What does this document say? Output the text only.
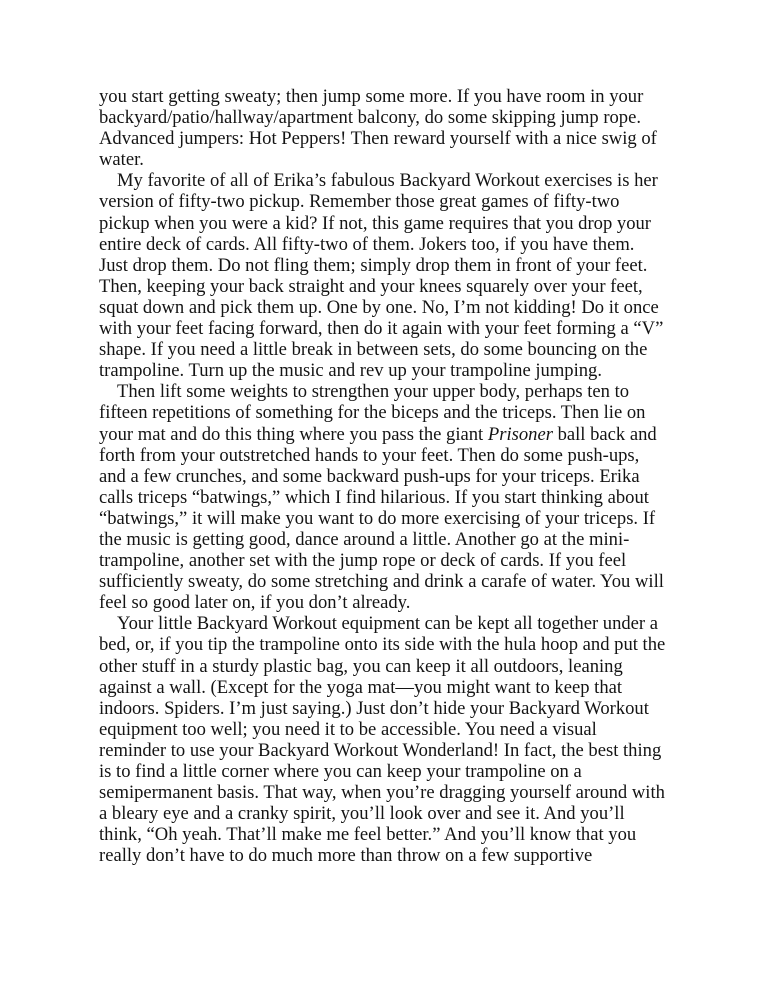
you start getting sweaty; then jump some more. If you have room in your
backyard/patio/hallway/apartment balcony, do some skipping jump rope.
Advanced jumpers: Hot Peppers! Then reward yourself with a nice swig of
water.
My favorite of all of Erika’s fabulous Backyard Workout exercises is her
version of fifty-two pickup. Remember those great games of fifty-two
pickup when you were a kid? If not, this game requires that you drop your
entire deck of cards. All fifty-two of them. Jokers too, if you have them.
Just drop them. Do not fling them; simply drop them in front of your feet.
Then, keeping your back straight and your knees squarely over your feet,
squat down and pick them up. One by one. No, I’m not kidding! Do it once
with your feet facing forward, then do it again with your feet forming a “V”
shape. If you need a little break in between sets, do some bouncing on the
trampoline. Turn up the music and rev up your trampoline jumping.
Then lift some weights to strengthen your upper body, perhaps ten to
fifteen repetitions of something for the biceps and the triceps. Then lie on
your mat and do this thing where you pass the giant Prisoner ball back and
forth from your outstretched hands to your feet. Then do some push-ups,
and a few crunches, and some backward push-ups for your triceps. Erika
calls triceps “batwings,” which I find hilarious. If you start thinking about
“batwings,” it will make you want to do more exercising of your triceps. If
the music is getting good, dance around a little. Another go at the mini-
trampoline, another set with the jump rope or deck of cards. If you feel
sufficiently sweaty, do some stretching and drink a carafe of water. You will
feel so good later on, if you don’t already.
Your little Backyard Workout equipment can be kept all together under a
bed, or, if you tip the trampoline onto its side with the hula hoop and put the
other stuff in a sturdy plastic bag, you can keep it all outdoors, leaning
against a wall. (Except for the yoga mat—you might want to keep that
indoors. Spiders. I’m just saying.) Just don’t hide your Backyard Workout
equipment too well; you need it to be accessible. You need a visual
reminder to use your Backyard Workout Wonderland! In fact, the best thing
is to find a little corner where you can keep your trampoline on a
semipermanent basis. That way, when you’re dragging yourself around with
a bleary eye and a cranky spirit, you’ll look over and see it. And you’ll
think, “Oh yeah. That’ll make me feel better.” And you’ll know that you
really don’t have to do much more than throw on a few supportive
